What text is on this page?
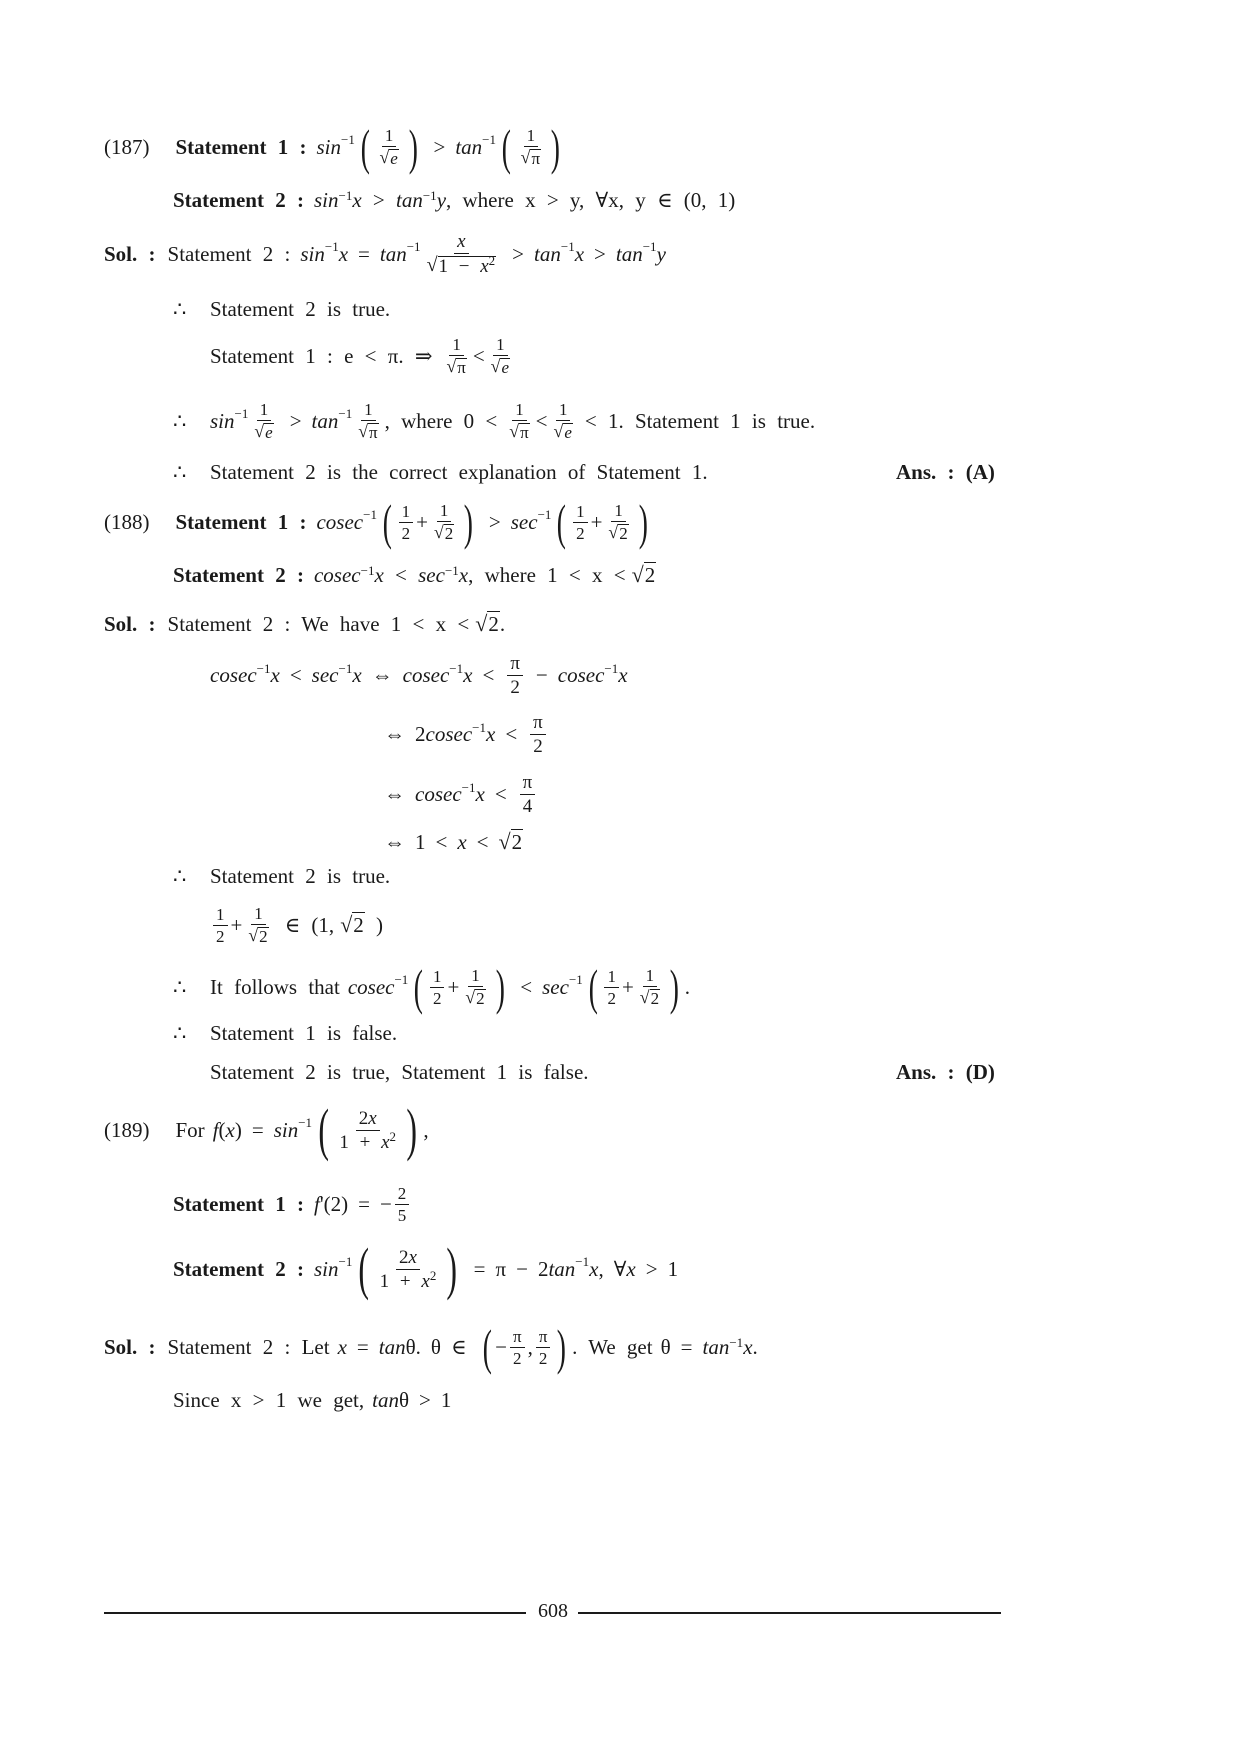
(187) Statement 1 : $\sin^{-1}$ ( $\frac{1}{√ e}$ ) > $\tan^{-1}$ ( $\frac{1}{√ \pi}$ )
Statement 2 : $\sin^{-1}x > \tan^{-1}y$ , where x > y, ∀x, y ∈ (0, 1)
Sol. : Statement 2 : $\sin^{-1} x = \tan^{-1} \frac{x}{√ 1 - x^2} > \tan^{-1} x > \tan^{-1} y$
∴	Statement 2 is true.
Statement 1 : e < π. ⇒ $\frac{1}{√ \pi} < \frac{1}{√ e}$
∴	$\sin^{-1} \frac{1}{√ e} > \tan^{-1} \frac{1}{√ \pi}$ , where $0 < \frac{1}{√ \pi} < \frac{1}{√ e} < 1$. Statement 1 is true.
∴	Statement 2 is the correct explanation of Statement 1.	Ans. : (A)
(188) Statement 1 : cosec$^{-1}$ ( $\frac{1}{2} + \frac{1}{√ 2}$ ) > $\sec^{-1}$ ( $\frac{1}{2} + \frac{1}{√ 2}$ )
Statement 2 : $cosec^{-1}x < \sec^{-1}x$ , where 1 < x < √ 2
Sol. : Statement 2 : We have 1 < x < √ 2 .
cosec$^{-1}$ $x < \sec^{-1} x$ ⇔ cosec$^{-1}$ $x < \frac{\pi}{2} - cosec^{-1}$ x
⇔ 2 cosec$^{-1}$ $x < \frac{\pi}{2}$
⇔ cosec$^{-1}$ $x < \frac{\pi}{4}$
⇔ 1 < x < √ 2
∴	Statement 2 is true.
$\frac{1}{2} + \frac{1}{√ 2}$ ∈ (1, √ 2 )
∴	It follows that cosec$^{-1}$ ( $\frac{1}{2} + \frac{1}{√ 2}$ ) < $\sec^{-1}$ ( $\frac{1}{2} + \frac{1}{√ 2}$ ) .
∴	Statement 1 is false.
Statement 2 is true, Statement 1 is false.	Ans. : (D)
(189) For f ( x ) = $\sin^{-1}$ ( $\frac{2x}{1 + x^2}$ ) ,
Statement 1 : f '(2) = − $\frac{2}{5}$
Statement 2 : $\sin^{-1}$ ( $\frac{2x}{1 + x^2}$ ) = π − 2 $\tan^{-1} x$ , ∀ x > 1
Sol. : Statement 2 : Let x = tan θ. θ ∈ ( − $\frac{\pi}{2}$ , $\frac{\pi}{2}$ ) . We get $\theta = \tan^{-1}x$.
Since x > 1 we get, tanθ > 1
608
